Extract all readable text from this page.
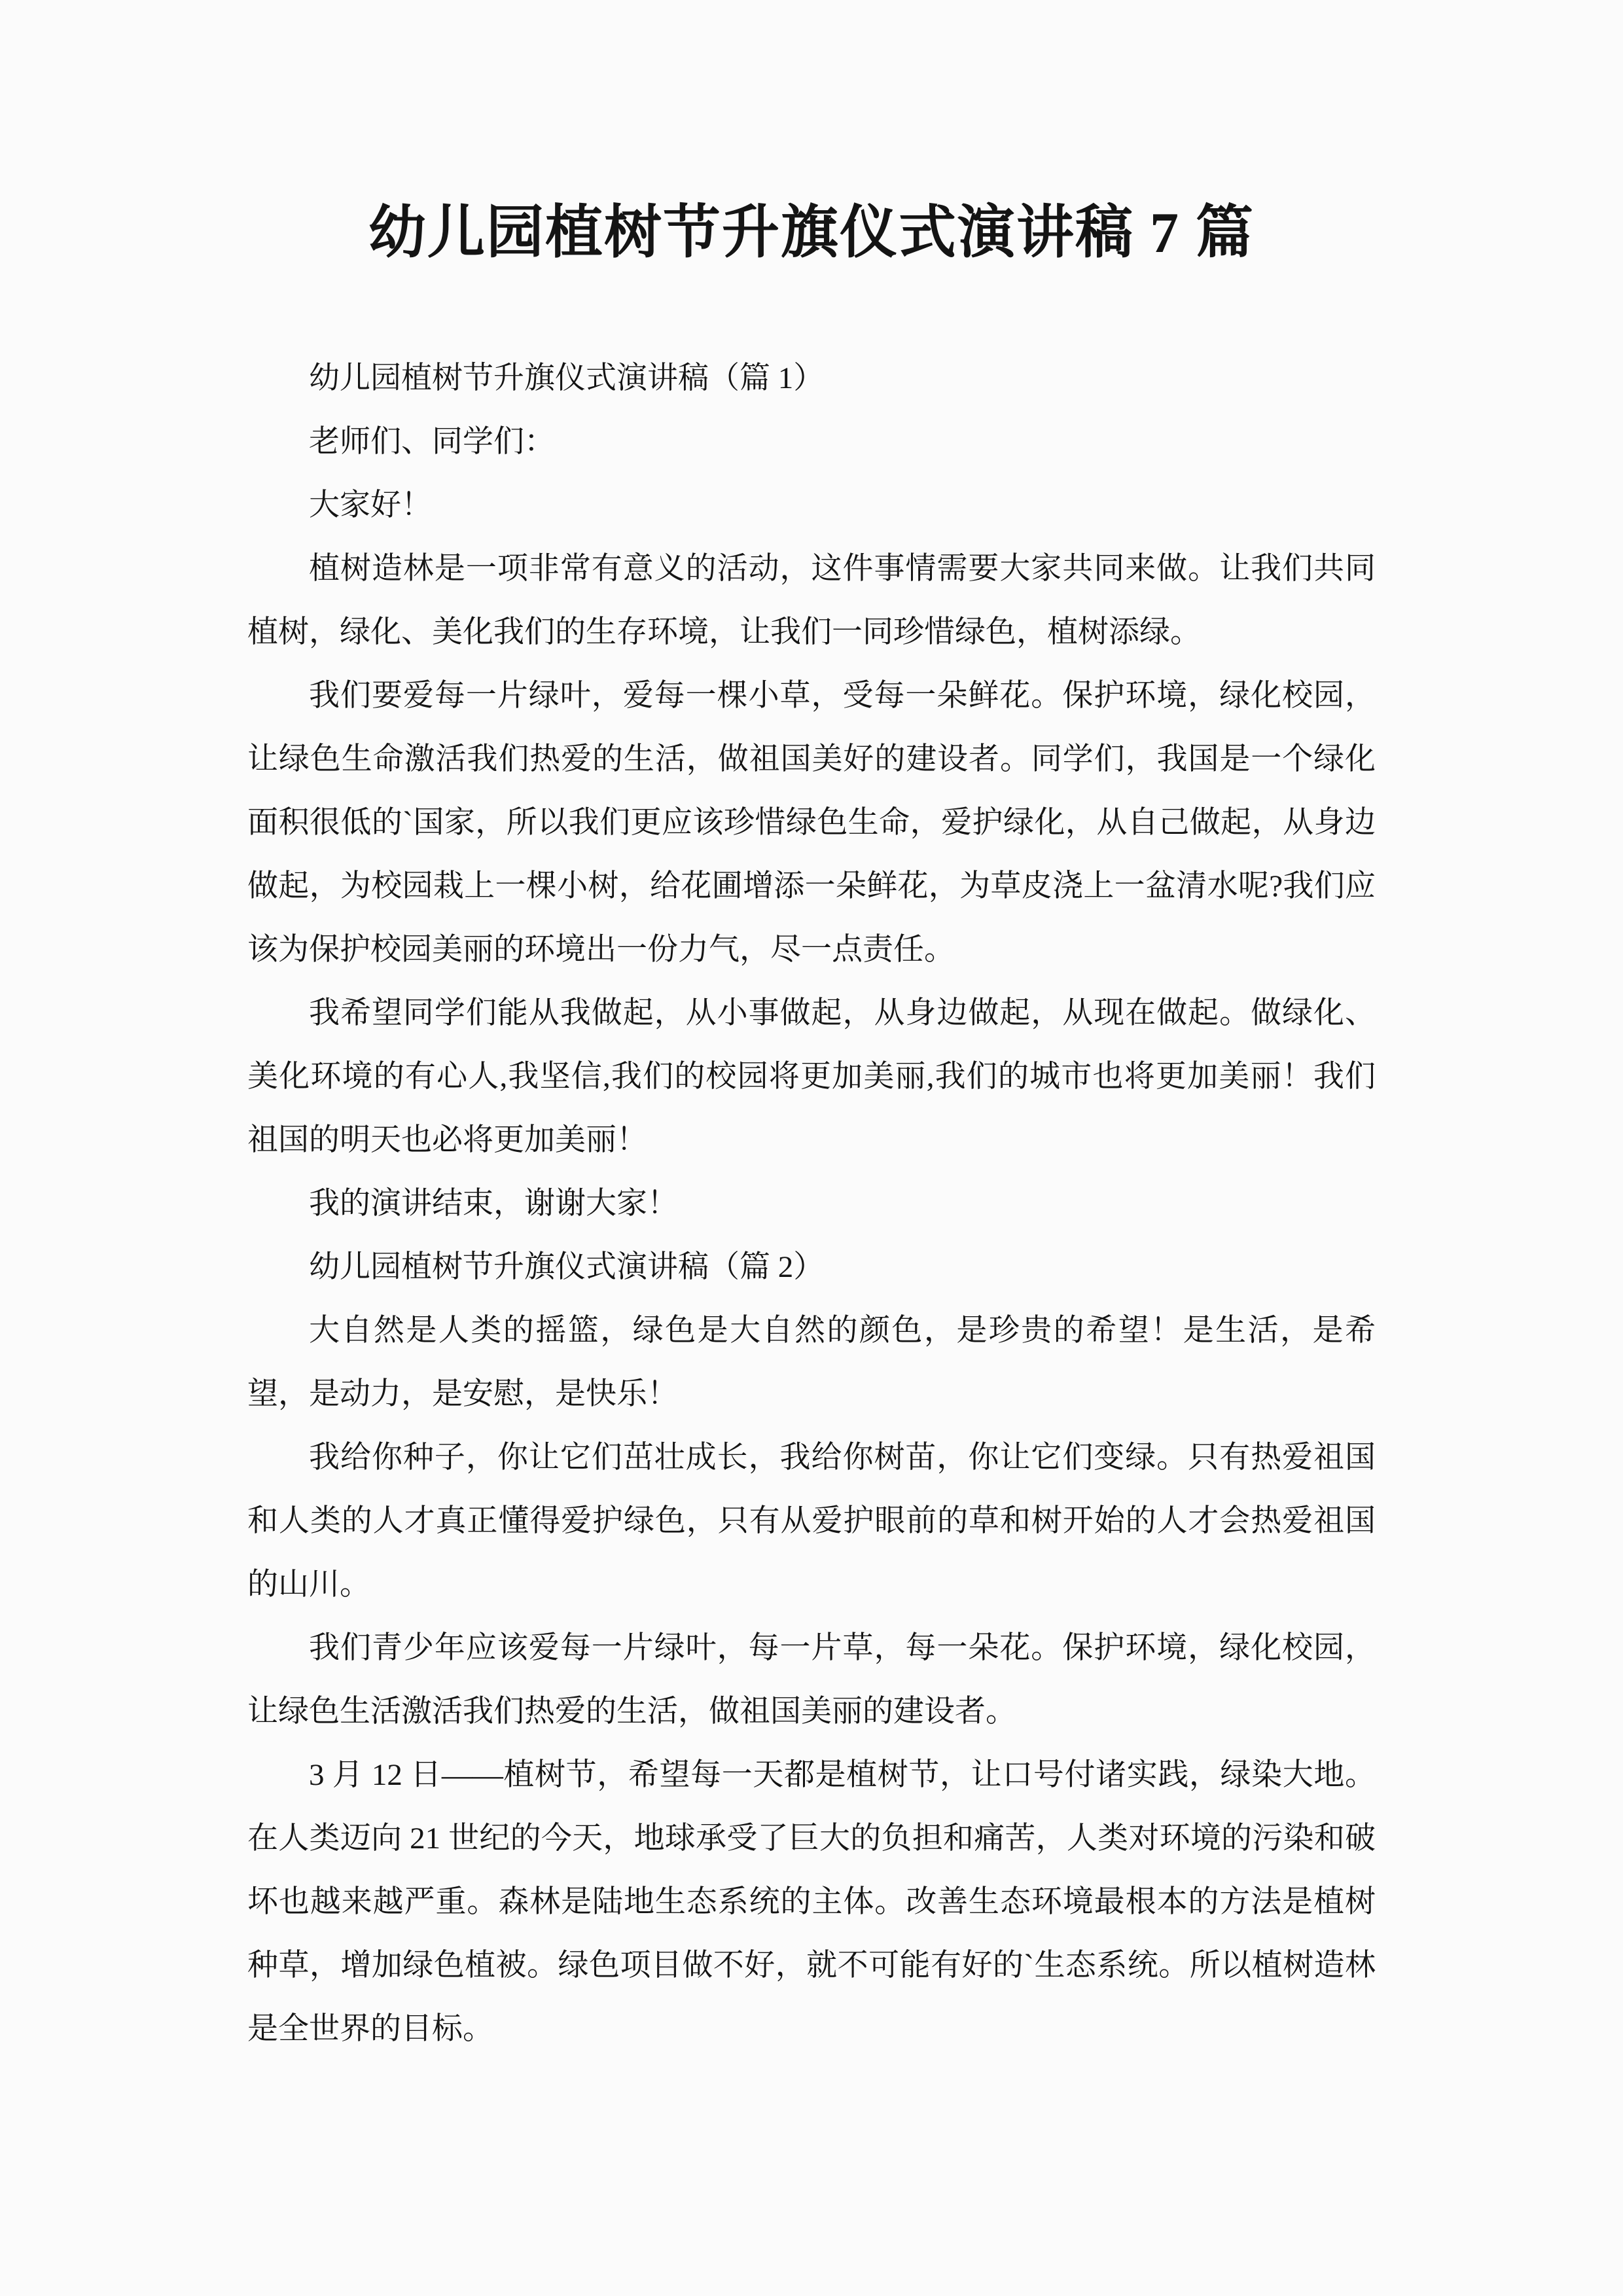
幼儿园植树节升旗仪式演讲稿 7 篇

幼儿园植树节升旗仪式演讲稿（篇 1）

老师们、同学们：

大家好！

植树造林是一项非常有意义的活动，这件事情需要大家共同来做。让我们共同植树，绿化、美化我们的生存环境，让我们一同珍惜绿色，植树添绿。

我们要爱每一片绿叶，爱每一棵小草，受每一朵鲜花。保护环境，绿化校园，让绿色生命激活我们热爱的生活，做祖国美好的建设者。同学们，我国是一个绿化面积很低的`国家，所以我们更应该珍惜绿色生命，爱护绿化，从自己做起，从身边做起，为校园栽上一棵小树，给花圃增添一朵鲜花，为草皮浇上一盆清水呢?我们应该为保护校园美丽的环境出一份力气，尽一点责任。

我希望同学们能从我做起，从小事做起，从身边做起，从现在做起。做绿化、美化环境的有心人,我坚信,我们的校园将更加美丽,我们的城市也将更加美丽！我们祖国的明天也必将更加美丽！

我的演讲结束，谢谢大家！

幼儿园植树节升旗仪式演讲稿（篇 2）

大自然是人类的摇篮，绿色是大自然的颜色，是珍贵的希望！是生活，是希望，是动力，是安慰，是快乐！

我给你种子，你让它们茁壮成长，我给你树苗，你让它们变绿。只有热爱祖国和人类的人才真正懂得爱护绿色，只有从爱护眼前的草和树开始的人才会热爱祖国的山川。

我们青少年应该爱每一片绿叶，每一片草，每一朵花。保护环境，绿化校园，让绿色生活激活我们热爱的生活，做祖国美丽的建设者。

3 月 12 日——植树节，希望每一天都是植树节，让口号付诸实践，绿染大地。在人类迈向 21 世纪的今天，地球承受了巨大的负担和痛苦，人类对环境的污染和破坏也越来越严重。森林是陆地生态系统的主体。改善生态环境最根本的方法是植树种草，增加绿色植被。绿色项目做不好，就不可能有好的`生态系统。所以植树造林是全世界的目标。
